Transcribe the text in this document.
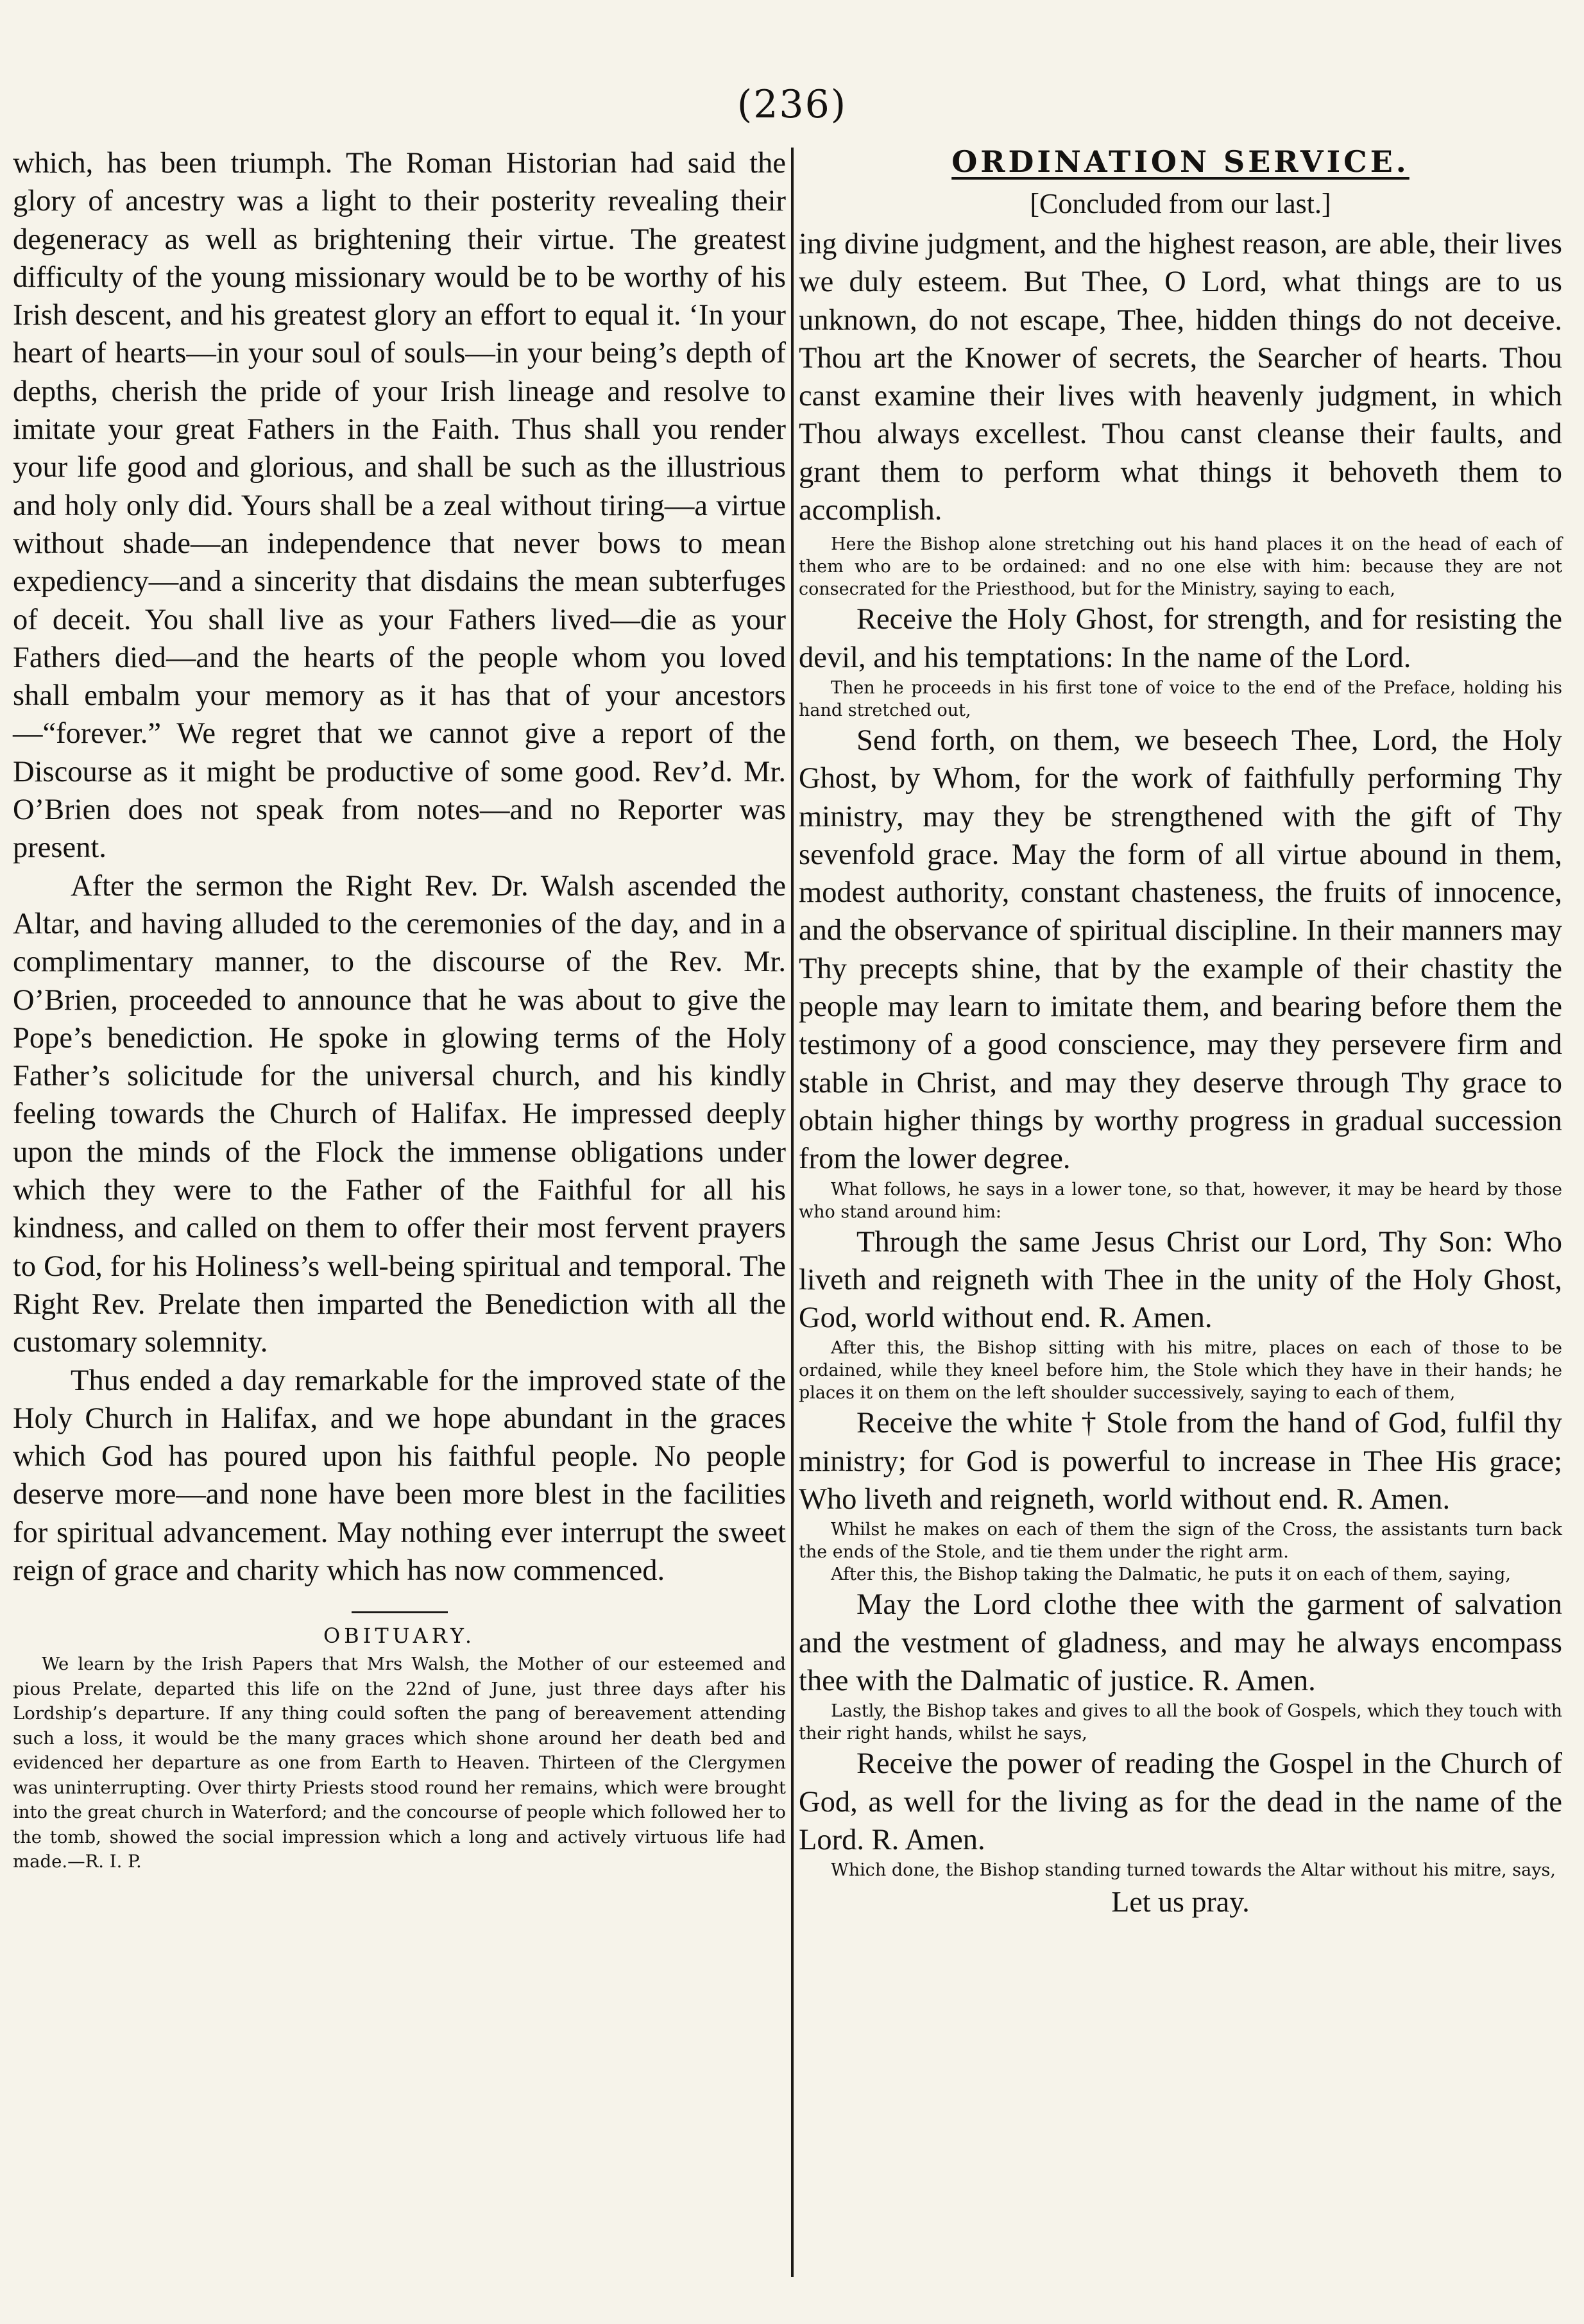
(236)

which, has been triumph. The Roman Historian had said the glory of ancestry was a light to their posterity revealing their degeneracy as well as brightening their virtue. The greatest difficulty of the young missionary would be to be worthy of his Irish descent, and his greatest glory an effort to equal it. ‘In your heart of hearts—in your soul of souls—in your being’s depth of depths, cherish the pride of your Irish lineage and resolve to imitate your great Fathers in the Faith. Thus shall you render your life good and glorious, and shall be such as the illustrious and holy only did. Yours shall be a zeal without tiring—a virtue without shade—an independence that never bows to mean expediency—and a sincerity that disdains the mean subterfuges of deceit. You shall live as your Fathers lived—die as your Fathers died—and the hearts of the people whom you loved shall embalm your memory as it has that of your ancestors—“forever.” We regret that we cannot give a report of the Discourse as it might be productive of some good. Rev’d. Mr. O’Brien does not speak from notes—and no Reporter was present.

After the sermon the Right Rev. Dr. Walsh ascended the Altar, and having alluded to the ceremonies of the day, and in a complimentary manner, to the discourse of the Rev. Mr. O’Brien, proceeded to announce that he was about to give the Pope’s benediction. He spoke in glowing terms of the Holy Father’s solicitude for the universal church, and his kindly feeling towards the Church of Halifax. He impressed deeply upon the minds of the Flock the immense obligations under which they were to the Father of the Faithful for all his kindness, and called on them to offer their most fervent prayers to God, for his Holiness’s well-being spiritual and temporal. The Right Rev. Prelate then imparted the Benediction with all the customary solemnity.

Thus ended a day remarkable for the improved state of the Holy Church in Halifax, and we hope abundant in the graces which God has poured upon his faithful people. No people deserve more—and none have been more blest in the facilities for spiritual advancement. May nothing ever interrupt the sweet reign of grace and charity which has now commenced.

OBITUARY.

We learn by the Irish Papers that Mrs Walsh, the Mother of our esteemed and pious Prelate, departed this life on the 22nd of June, just three days after his Lordship’s departure. If any thing could soften the pang of bereavement attending such a loss, it would be the many graces which shone around her death bed and evidenced her departure as one from Earth to Heaven. Thirteen of the Clergymen was uninterrupting. Over thirty Priests stood round her remains, which were brought into the great church in Waterford; and the concourse of people which followed her to the tomb, showed the social impression which a long and actively virtuous life had made.—R. I. P.

ORDINATION SERVICE.
[Concluded from our last.]

ing divine judgment, and the highest reason, are able, their lives we duly esteem. But Thee, O Lord, what things are to us unknown, do not escape, Thee, hidden things do not deceive. Thou art the Knower of secrets, the Searcher of hearts. Thou canst examine their lives with heavenly judgment, in which Thou always excellest. Thou canst cleanse their faults, and grant them to perform what things it behoveth them to accomplish.

Here the Bishop alone stretching out his hand places it on the head of each of them who are to be ordained: and no one else with him: because they are not consecrated for the Priesthood, but for the Ministry, saying to each,

Receive the Holy Ghost, for strength, and for resisting the devil, and his temptations: In the name of the Lord.

Then he proceeds in his first tone of voice to the end of the Preface, holding his hand stretched out,

Send forth, on them, we beseech Thee, Lord, the Holy Ghost, by Whom, for the work of faithfully performing Thy ministry, may they be strengthened with the gift of Thy sevenfold grace. May the form of all virtue abound in them, modest authority, constant chasteness, the fruits of innocence, and the observance of spiritual discipline. In their manners may Thy precepts shine, that by the example of their chastity the people may learn to imitate them, and bearing before them the testimony of a good conscience, may they persevere firm and stable in Christ, and may they deserve through Thy grace to obtain higher things by worthy progress in gradual succession from the lower degree.

What follows, he says in a lower tone, so that, however, it may be heard by those who stand around him:

Through the same Jesus Christ our Lord, Thy Son: Who liveth and reigneth with Thee in the unity of the Holy Ghost, God, world without end. R. Amen.

After this, the Bishop sitting with his mitre, places on each of those to be ordained, while they kneel before him, the Stole which they have in their hands; he places it on them on the left shoulder successively, saying to each of them,

Receive the white † Stole from the hand of God, fulfil thy ministry; for God is powerful to increase in Thee His grace; Who liveth and reigneth, world without end. R. Amen.

Whilst he makes on each of them the sign of the Cross, the assistants turn back the ends of the Stole, and tie them under the right arm.

After this, the Bishop taking the Dalmatic, he puts it on each of them, saying,

May the Lord clothe thee with the garment of salvation and the vestment of gladness, and may he always encompass thee with the Dalmatic of justice. R. Amen.

Lastly, the Bishop takes and gives to all the book of Gospels, which they touch with their right hands, whilst he says,

Receive the power of reading the Gospel in the Church of God, as well for the living as for the dead in the name of the Lord. R. Amen.

Which done, the Bishop standing turned towards the Altar without his mitre, says,

Let us pray.
